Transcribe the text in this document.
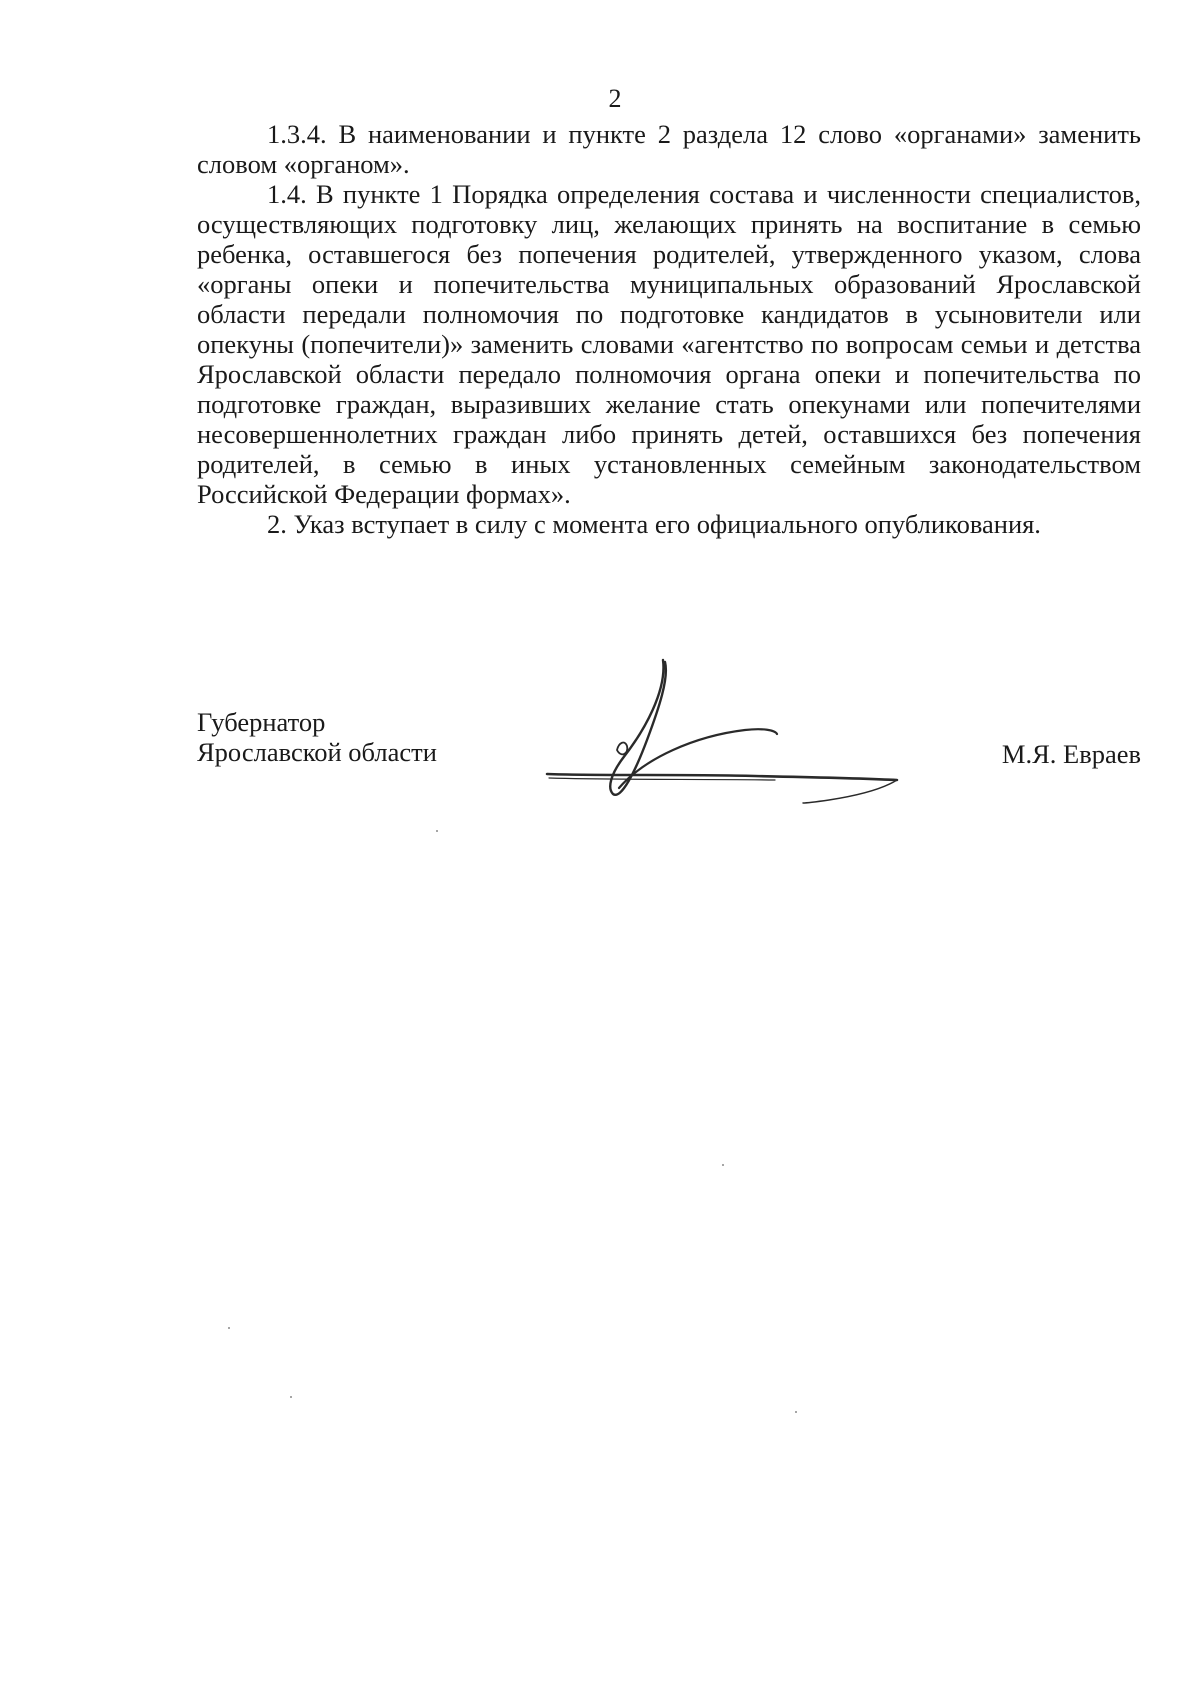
2

1.3.4. В наименовании и пункте 2 раздела 12 слово «органами» заменить словом «органом».

1.4. В пункте 1 Порядка определения состава и численности специалистов, осуществляющих подготовку лиц, желающих принять на воспитание в семью ребенка, оставшегося без попечения родителей, утвержденного указом, слова «органы опеки и попечительства муниципальных образований Ярославской области передали полномочия по подготовке кандидатов в усыновители или опекуны (попечители)» заменить словами «агентство по вопросам семьи и детства Ярославской области передало полномочия органа опеки и попечительства по подготовке граждан, выразивших желание стать опекунами или попечителями несовершеннолетних граждан либо принять детей, оставшихся без попечения родителей, в семью в иных установленных семейным законодательством Российской Федерации формах».

2. Указ вступает в силу с момента его официального опубликования.

Губернатор
Ярославской области	М.Я. Евраев
